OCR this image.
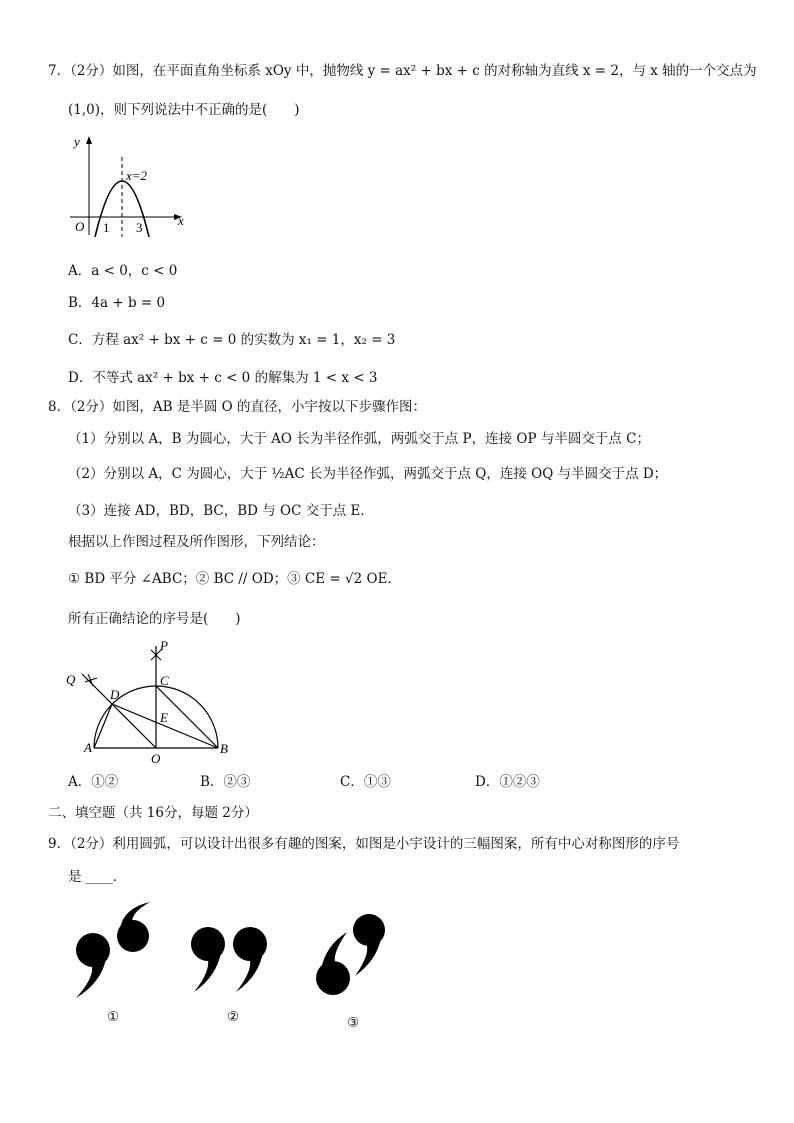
7．（2分）如图，在平面直角坐标系 xOy 中，抛物线 y = ax² + bx + c 的对称轴为直线 x = 2，与 x 轴的一个交点为
(1,0)，则下列说法中不正确的是(　　)
y
x
O 1 3
x=2
A．a < 0，c < 0
B．4a + b = 0
C．方程 ax² + bx + c = 0 的实数为 x₁ = 1，x₂ = 3
D．不等式 ax² + bx + c < 0 的解集为 1 < x < 3
8．（2分）如图，AB 是半圆 O 的直径，小宇按以下步骤作图：
（1）分别以 A，B 为圆心，大于 AO 长为半径作弧，两弧交于点 P，连接 OP 与半圆交于点 C；
（2）分别以 A，C 为圆心，大于 ½AC 长为半径作弧，两弧交于点 Q，连接 OQ 与半圆交于点 D；
（3）连接 AD，BD，BC，BD 与 OC 交于点 E．
根据以上作图过程及所作图形，下列结论：
① BD 平分 ∠ABC；② BC // OD；③ CE = √2 OE．
所有正确结论的序号是(　　)
P
Q	C
D
E
A
O
B
A．①②	B．②③	C．①③	D．①②③
二、填空题（共 16分，每题 2分）
9．（2分）利用圆弧，可以设计出很多有趣的图案，如图是小宇设计的三幅图案，所有中心对称图形的序号
是 ____．
①	②	③
